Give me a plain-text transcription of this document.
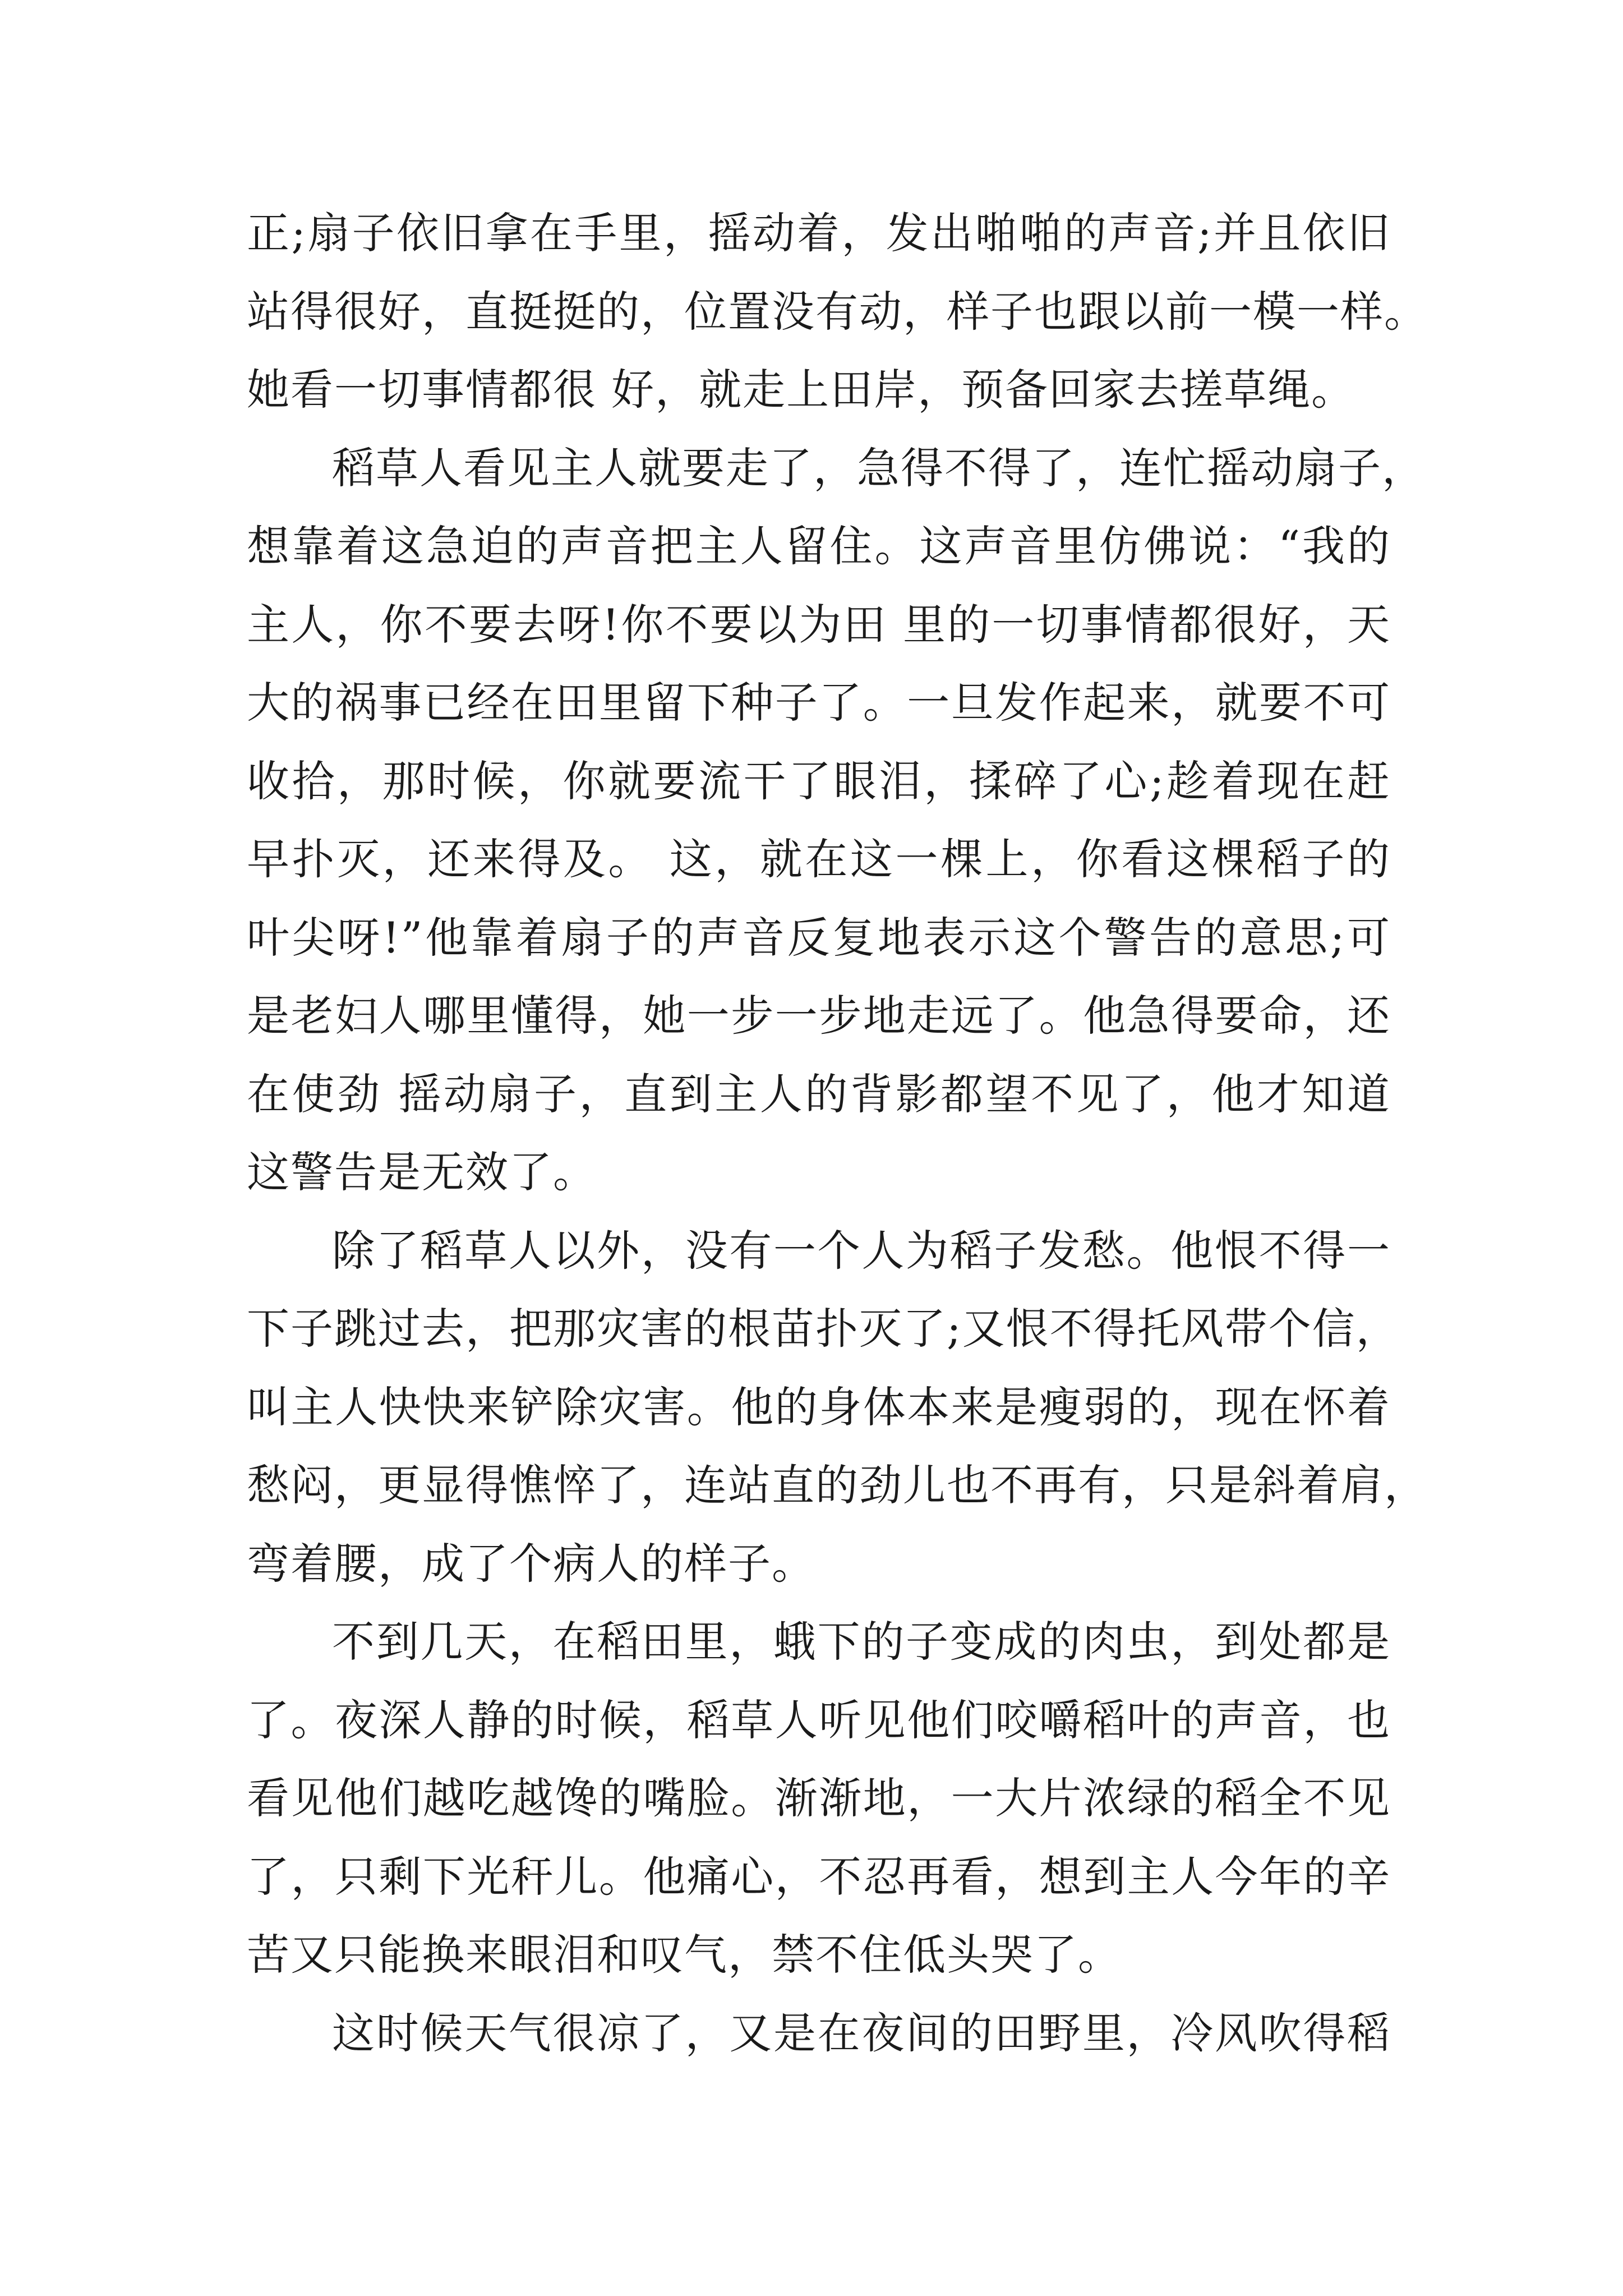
正;扇子依旧拿在手里，摇动着，发出啪啪的声音;并且依旧
站得很好，直挺挺的，位置没有动，样子也跟以前一模一样。
她看一切事情都很 好，就走上田岸，预备回家去搓草绳。
稻草人看见主人就要走了，急得不得了，连忙摇动扇子，
想靠着这急迫的声音把主人留住。这声音里仿佛说：“我的
主人，你不要去呀!你不要以为田 里的一切事情都很好，天
大的祸事已经在田里留下种子了。一旦发作起来，就要不可
收拾，那时候，你就要流干了眼泪，揉碎了心;趁着现在赶
早扑灭，还来得及。 这，就在这一棵上，你看这棵稻子的
叶尖呀!”他靠着扇子的声音反复地表示这个警告的意思;可
是老妇人哪里懂得，她一步一步地走远了。他急得要命，还
在使劲 摇动扇子，直到主人的背影都望不见了，他才知道
这警告是无效了。
除了稻草人以外，没有一个人为稻子发愁。他恨不得一
下子跳过去，把那灾害的根苗扑灭了;又恨不得托风带个信，
叫主人快快来铲除灾害。他的身体本来是瘦弱的，现在怀着
愁闷，更显得憔悴了，连站直的劲儿也不再有，只是斜着肩，
弯着腰，成了个病人的样子。
不到几天，在稻田里，蛾下的子变成的肉虫，到处都是
了。夜深人静的时候，稻草人听见他们咬嚼稻叶的声音，也
看见他们越吃越馋的嘴脸。渐渐地，一大片浓绿的稻全不见
了，只剩下光秆儿。他痛心，不忍再看，想到主人今年的辛
苦又只能换来眼泪和叹气，禁不住低头哭了。
这时候天气很凉了，又是在夜间的田野里，冷风吹得稻
